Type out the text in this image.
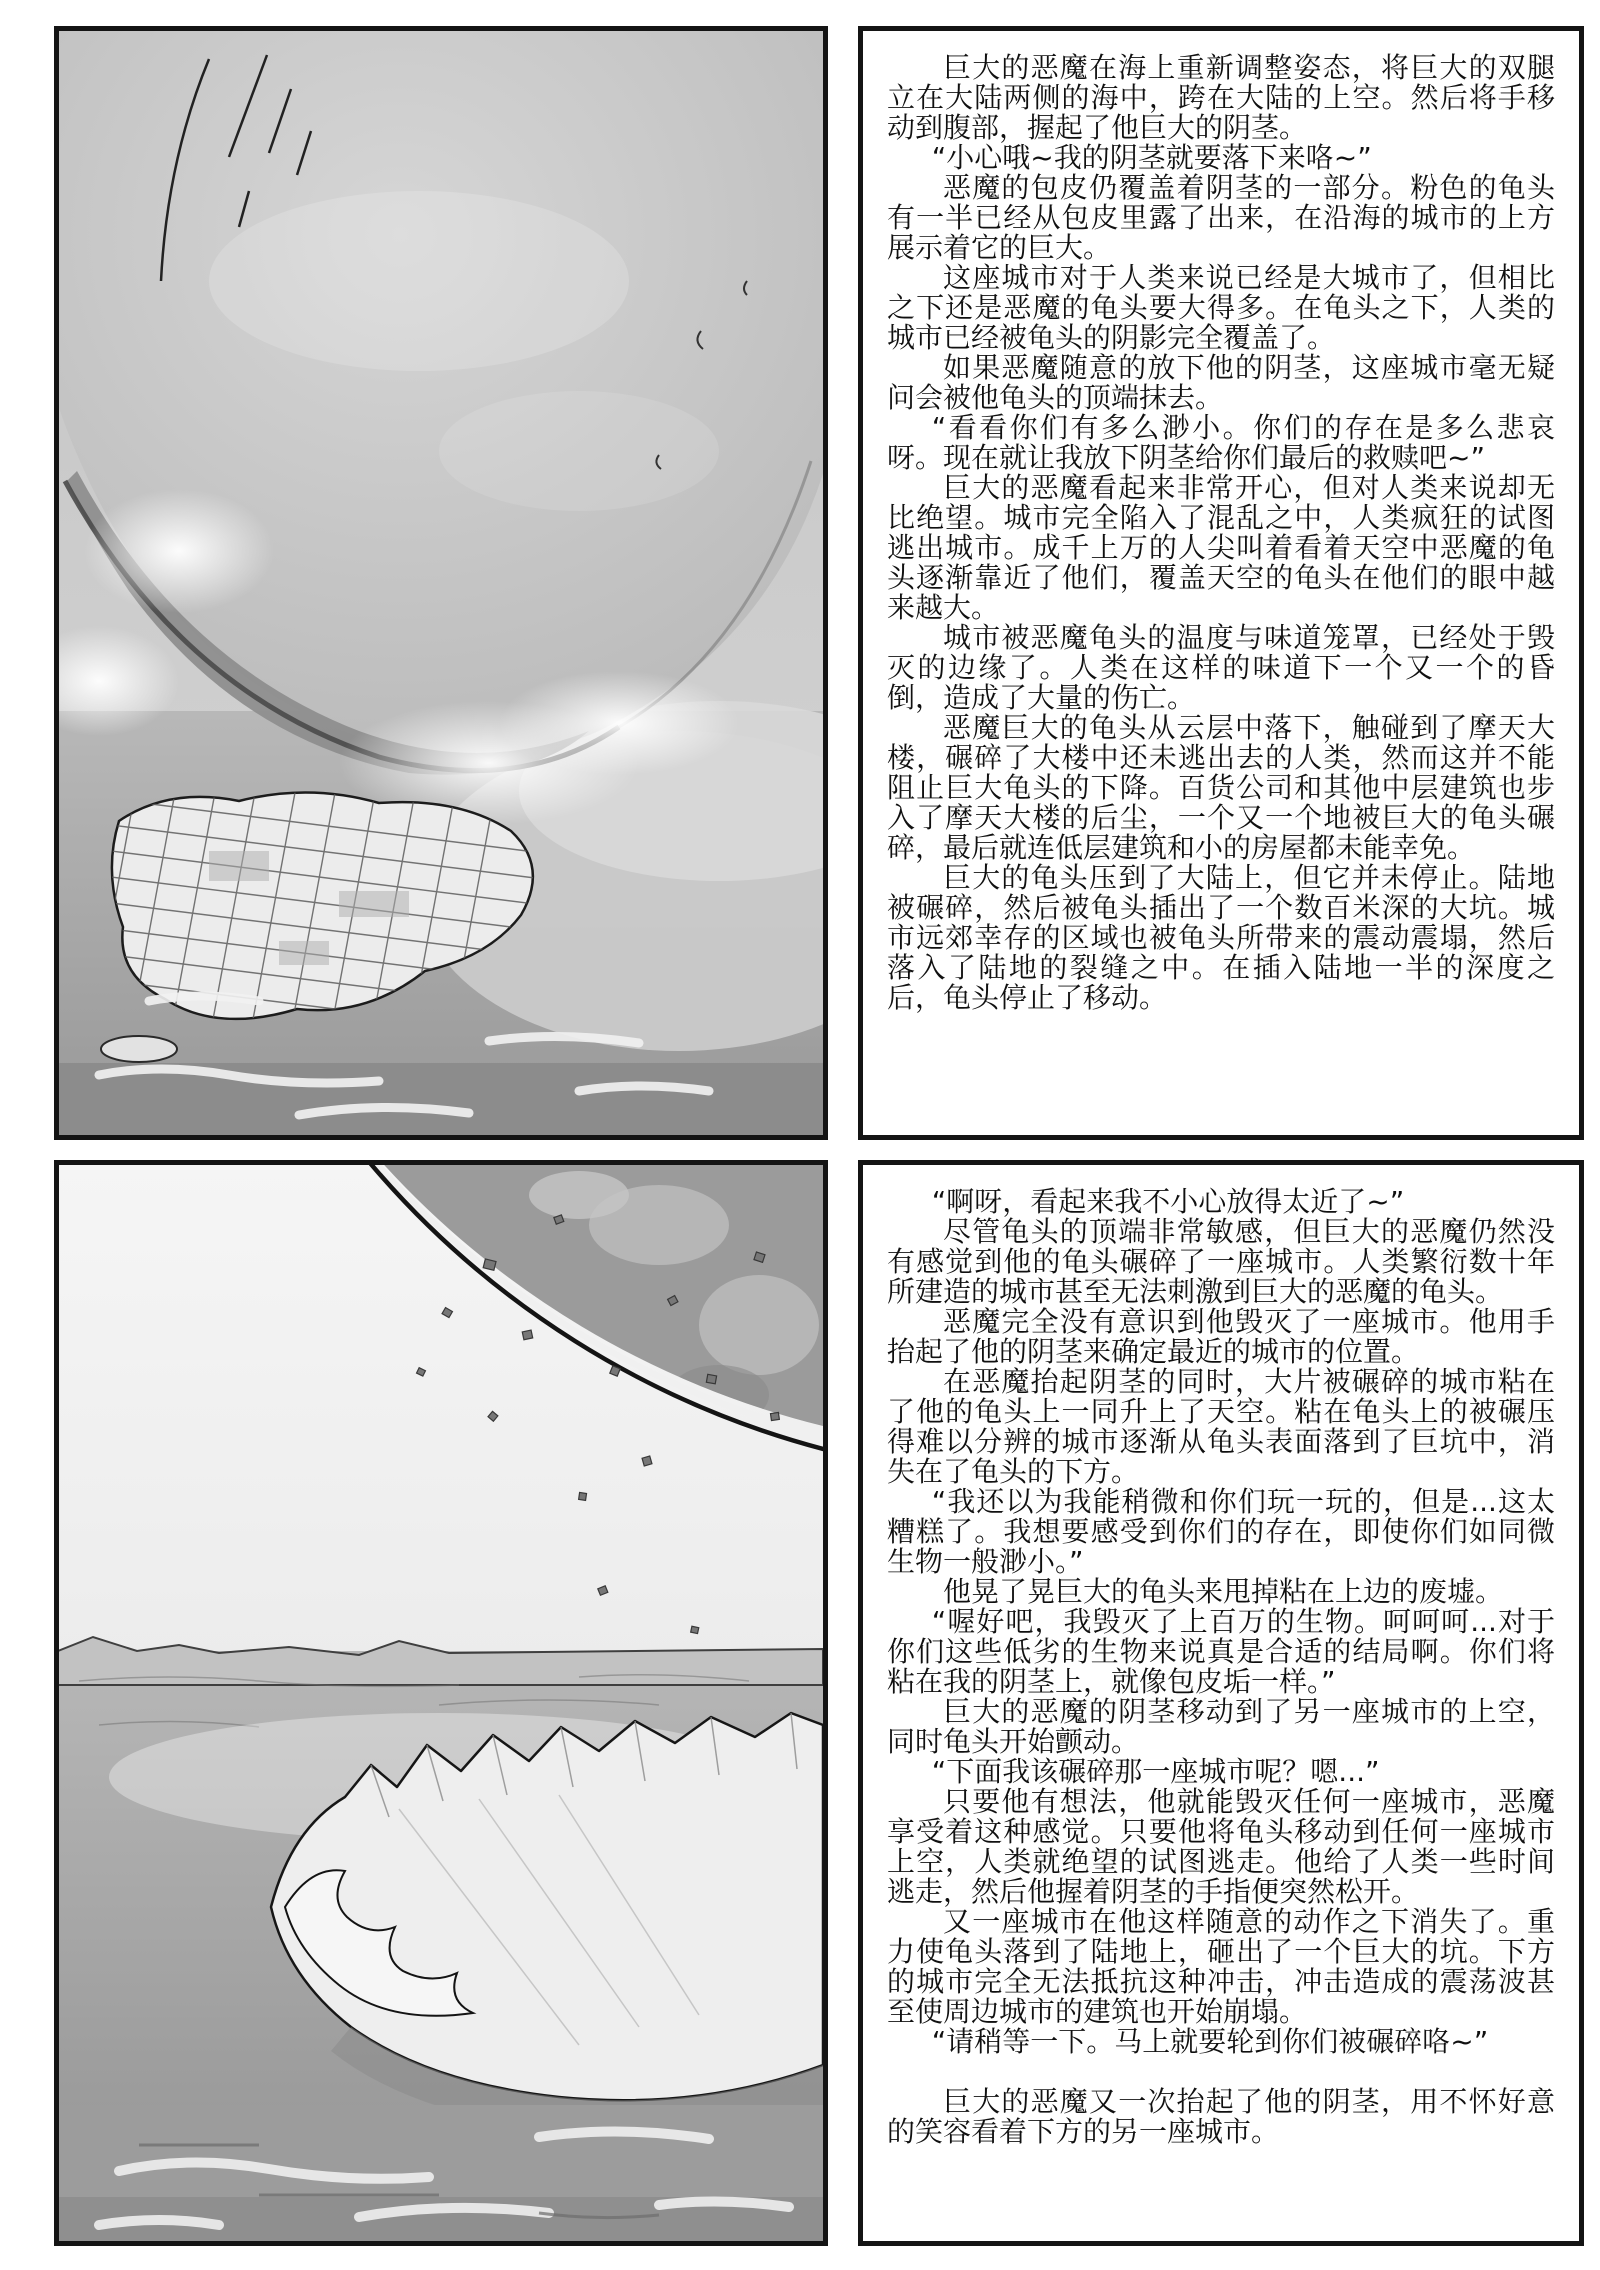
巨大的恶魔在海上重新调整姿态，将巨大的双腿立在大陆两侧的海中，跨在大陆的上空。然后将手移动到腹部，握起了他巨大的阴茎。

“小心哦~我的阴茎就要落下来咯~”

恶魔的包皮仍覆盖着阴茎的一部分。粉色的龟头有一半已经从包皮里露了出来，在沿海的城市的上方展示着它的巨大。

这座城市对于人类来说已经是大城市了，但相比之下还是恶魔的龟头要大得多。在龟头之下，人类的城市已经被龟头的阴影完全覆盖了。

如果恶魔随意的放下他的阴茎，这座城市毫无疑问会被他龟头的顶端抹去。

“看看你们有多么渺小。你们的存在是多么悲哀呀。现在就让我放下阴茎给你们最后的救赎吧~”

巨大的恶魔看起来非常开心，但对人类来说却无比绝望。城市完全陷入了混乱之中，人类疯狂的试图逃出城市。成千上万的人尖叫着看着天空中恶魔的龟头逐渐靠近了他们，覆盖天空的龟头在他们的眼中越来越大。

城市被恶魔龟头的温度与味道笼罩，已经处于毁灭的边缘了。人类在这样的味道下一个又一个的昏倒，造成了大量的伤亡。

恶魔巨大的龟头从云层中落下，触碰到了摩天大楼，碾碎了大楼中还未逃出去的人类，然而这并不能阻止巨大龟头的下降。百货公司和其他中层建筑也步入了摩天大楼的后尘，一个又一个地被巨大的龟头碾碎，最后就连低层建筑和小的房屋都未能幸免。

巨大的龟头压到了大陆上，但它并未停止。陆地被碾碎，然后被龟头插出了一个数百米深的大坑。城市远郊幸存的区域也被龟头所带来的震动震塌，然后落入了陆地的裂缝之中。在插入陆地一半的深度之后，龟头停止了移动。

“啊呀，看起来我不小心放得太近了~”

尽管龟头的顶端非常敏感，但巨大的恶魔仍然没有感觉到他的龟头碾碎了一座城市。人类繁衍数十年所建造的城市甚至无法刺激到巨大的恶魔的龟头。

恶魔完全没有意识到他毁灭了一座城市。他用手抬起了他的阴茎来确定最近的城市的位置。

在恶魔抬起阴茎的同时，大片被碾碎的城市粘在了他的龟头上一同升上了天空。粘在龟头上的被碾压得难以分辨的城市逐渐从龟头表面落到了巨坑中，消失在了龟头的下方。

“我还以为我能稍微和你们玩一玩的，但是...这太糟糕了。我想要感受到你们的存在，即使你们如同微生物一般渺小。”

他晃了晃巨大的龟头来甩掉粘在上边的废墟。

“喔好吧，我毁灭了上百万的生物。呵呵呵...对于你们这些低劣的生物来说真是合适的结局啊。你们将粘在我的阴茎上，就像包皮垢一样。”

巨大的恶魔的阴茎移动到了另一座城市的上空，同时龟头开始颤动。

“下面我该碾碎那一座城市呢？嗯...”

只要他有想法，他就能毁灭任何一座城市，恶魔享受着这种感觉。只要他将龟头移动到任何一座城市上空，人类就绝望的试图逃走。他给了人类一些时间逃走，然后他握着阴茎的手指便突然松开。

又一座城市在他这样随意的动作之下消失了。重力使龟头落到了陆地上，砸出了一个巨大的坑。下方的城市完全无法抵抗这种冲击，冲击造成的震荡波甚至使周边城市的建筑也开始崩塌。

“请稍等一下。马上就要轮到你们被碾碎咯~”

巨大的恶魔又一次抬起了他的阴茎，用不怀好意的笑容看着下方的另一座城市。
